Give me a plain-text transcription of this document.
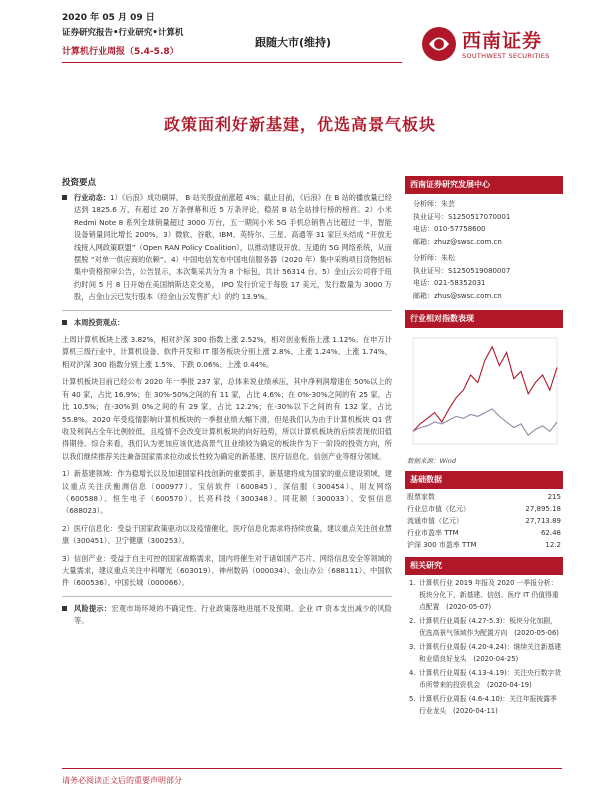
2020 年 05 月 09 日
证券研究报告•行业研究•计算机
计算机行业周报（5.4-5.8）
跟随大市(维持)	西南证券
SOUTHWEST SECURITIES
政策面利好新基建，优选高景气板块
投资要点

行业动态：1）《后浪》成功刷屏， B 站关股盘前涨超 4%；截止目前，《后浪》在 B 站的播放量已经达到 1825.6 万，有超过 20 万条弹幕和近 5 万条评论，稳居 B 站全站排行榜的榜首。2）小米 Redmi Note 8 系列全球销量超过 3000 万台，五一期间小米 5G 手机总销售占比超过一半，智能设备销量同比增长 200%。3）微软、谷歌、IBM、英特尔、三星、高通等 31 家巨头结成 “开放无线接入网政策联盟”（Open RAN Policy Coalition），以推动建设开放、互通的 5G 网络系统，从而摆脱 “对单一供应商的依赖”。4）中国电信发布中国电信服务器（2020 年）集中采购项目货物招标集中资格预审公告，公告显示，本次集采共分为 8 个标包，共计 56314 台。5）金山云公司将于纽约时间 5 月 8 日开始在美国纳斯达克交易， IPO 发行价定于每股 17 美元，发行数量为 3000 万股，占金山云已发行股本（经金山云发售扩大）的约 13.9%。

本周投资观点：

上周计算机板块上涨 3.82%，相对沪深 300 指数上涨 2.52%，相对创业板指上涨 1.12%。在申万计算机三级行业中，计算机设备、软件开发和 IT 服务板块分别上涨 2.8%、上涨 1.24%、上涨 1.74%，相对沪深 300 指数分别上涨 1.5%、下跌 0.06%、上涨 0.44%。

计算机板块目前已经公布 2020 年一季报 237 家，总体来说业绩承压，其中净利润增速在 50%以上的有 40 家，占比 16.9%；在 30%-50%之间的有 11 家，占比 4.6%；在 0%-30%之间的有 25 家，占比 10.5%；在-30%到 0%之间的有 29 家，占比 12.2%；在-30%以下之间的有 132 家，占比 55.8%。2020 年受疫情影响计算机板块的一季报业绩大幅下滑，但是我们认为由于计算机板块 Q1 营收及利润占全年比例较低，且疫情不会改变计算机板块的向好趋势，所以计算机板块的后续表现依旧值得期待。综合来看，我们认为更加应该优选高景气且业绩较为确定的板块作为下一阶段的投资方向，所以我们继续推荐关注兼备国家需求拉动或长性较为确定的新基建、医疗信息化、信创产业等细分领域。

1）新基建领域：作为稳增长以及加速国家科技创新的重要抓手，新基建将成为国家的重点建设领域，建议重点关注沃衡测信息（000977）、宝信软件（600845）、深信服（300454）、用友网络（600588）、恒生电子（600570）、长亮科技（300348）、同花顺（300033）、安恒信息（688023）。

2）医疗信息化：受益于国家政策驱动以及疫情催化，医疗信息化需求将持续放量，建议重点关注创业慧康（300451）、卫宁健康（300253）。

3）信创产业：受益于自主可控的国家战略需求，国内将催生对于诸如国产芯片、网络信息安全等领域的大量需求，建议重点关注中科曙光（603019）、神州数码（000034）、金山办公（688111）、中国软件（600536）、中国长城（000066）。

风险提示：宏观市场环境的不确定性、行业政策落地进展不及预期、企业 IT 资本支出减少的风险等。

西南证券研究发展中心
分析师：朱芸
执业证号：S1250517070001
电话：010-57758600
邮箱：zhuz@swsc.com.cn
分析师：朱松
执业证号：S1250519080007
电话：021-58352031
邮箱：zhus@swsc.com.cn
行业相对指数表现
数据来源：Wind
基础数据
股票家数	215
行业总市值（亿元）	27,895.18
流通市值（亿元）	27,713.89
行业市盈率 TTM	62.48
沪深 300 市盈率 TTM	12.2
相关研究
1. 计算机行业 2019 年报及 2020 一季报分析：板块分化下，新基建、信创、医疗 IT 仍值得重点配置　(2020-05-07)
2. 计算机行业周报 (4.27-5.3)：板块分化加剧，优选高景气领域作为配置方向　(2020-05-06)
3. 计算机行业周报 (4.20-4.24)：继续关注新基建和业绩良好龙头　(2020-04-25)
4. 计算机行业周报 (4.13-4.19)：关注央行数字货币所带来的投资机会　(2020-04-19)
5. 计算机行业周报 (4.6-4.10)：关注年报披露季行业龙头　(2020-04-11)
请务必阅读正文后的重要声明部分
